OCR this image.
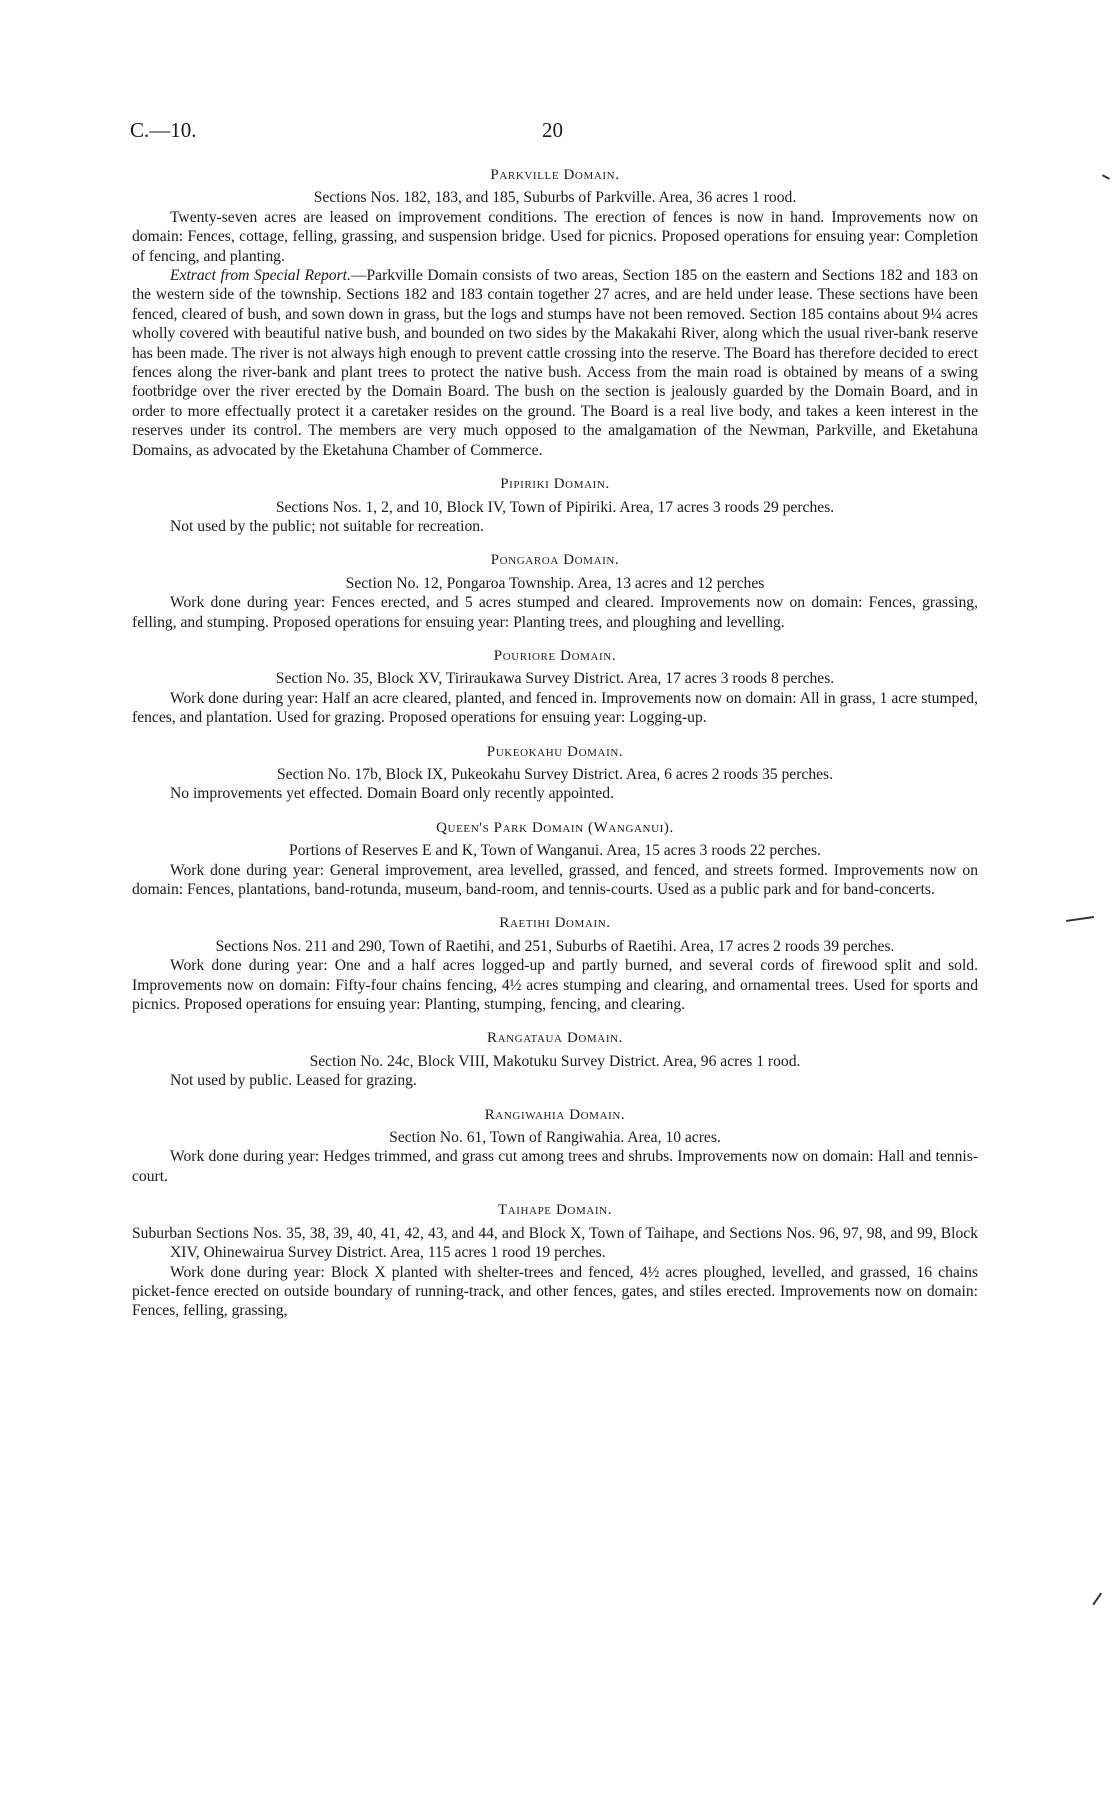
C.—10.	20

Parkville Domain.

Sections Nos. 182, 183, and 185, Suburbs of Parkville. Area, 36 acres 1 rood.

Twenty-seven acres are leased on improvement conditions. The erection of fences is now in hand. Improvements now on domain: Fences, cottage, felling, grassing, and suspension bridge. Used for picnics. Proposed operations for ensuing year: Completion of fencing, and planting.

Extract from Special Report.—Parkville Domain consists of two areas, Section 185 on the eastern and Sections 182 and 183 on the western side of the township. Sections 182 and 183 contain together 27 acres, and are held under lease. These sections have been fenced, cleared of bush, and sown down in grass, but the logs and stumps have not been removed. Section 185 contains about 9¼ acres wholly covered with beautiful native bush, and bounded on two sides by the Makakahi River, along which the usual river-bank reserve has been made. The river is not always high enough to prevent cattle crossing into the reserve. The Board has therefore decided to erect fences along the river-bank and plant trees to protect the native bush. Access from the main road is obtained by means of a swing footbridge over the river erected by the Domain Board. The bush on the section is jealously guarded by the Domain Board, and in order to more effectually protect it a caretaker resides on the ground. The Board is a real live body, and takes a keen interest in the reserves under its control. The members are very much opposed to the amalgamation of the Newman, Parkville, and Eketahuna Domains, as advocated by the Eketahuna Chamber of Commerce.

Pipiriki Domain.

Sections Nos. 1, 2, and 10, Block IV, Town of Pipiriki. Area, 17 acres 3 roods 29 perches.

Not used by the public; not suitable for recreation.

Pongaroa Domain.

Section No. 12, Pongaroa Township. Area, 13 acres and 12 perches

Work done during year: Fences erected, and 5 acres stumped and cleared. Improvements now on domain: Fences, grassing, felling, and stumping. Proposed operations for ensuing year: Planting trees, and ploughing and levelling.

Pouriore Domain.

Section No. 35, Block XV, Tiriraukawa Survey District. Area, 17 acres 3 roods 8 perches.

Work done during year: Half an acre cleared, planted, and fenced in. Improvements now on domain: All in grass, 1 acre stumped, fences, and plantation. Used for grazing. Proposed operations for ensuing year: Logging-up.

Pukeokahu Domain.

Section No. 17b, Block IX, Pukeokahu Survey District. Area, 6 acres 2 roods 35 perches.

No improvements yet effected. Domain Board only recently appointed.

Queen's Park Domain (Wanganui).

Portions of Reserves E and K, Town of Wanganui. Area, 15 acres 3 roods 22 perches.

Work done during year: General improvement, area levelled, grassed, and fenced, and streets formed. Improvements now on domain: Fences, plantations, band-rotunda, museum, band-room, and tennis-courts. Used as a public park and for band-concerts.

Raetihi Domain.

Sections Nos. 211 and 290, Town of Raetihi, and 251, Suburbs of Raetihi. Area, 17 acres 2 roods 39 perches.

Work done during year: One and a half acres logged-up and partly burned, and several cords of firewood split and sold. Improvements now on domain: Fifty-four chains fencing, 4½ acres stumping and clearing, and ornamental trees. Used for sports and picnics. Proposed operations for ensuing year: Planting, stumping, fencing, and clearing.

Rangataua Domain.

Section No. 24c, Block VIII, Makotuku Survey District. Area, 96 acres 1 rood.

Not used by public. Leased for grazing.

Rangiwahia Domain.

Section No. 61, Town of Rangiwahia. Area, 10 acres.

Work done during year: Hedges trimmed, and grass cut among trees and shrubs. Improvements now on domain: Hall and tennis-court.

Taihape Domain.

Suburban Sections Nos. 35, 38, 39, 40, 41, 42, 43, and 44, and Block X, Town of Taihape, and Sections Nos. 96, 97, 98, and 99, Block XIV, Ohinewairua Survey District. Area, 115 acres 1 rood 19 perches.

Work done during year: Block X planted with shelter-trees and fenced, 4½ acres ploughed, levelled, and grassed, 16 chains picket-fence erected on outside boundary of running-track, and other fences, gates, and stiles erected. Improvements now on domain: Fences, felling, grassing,
